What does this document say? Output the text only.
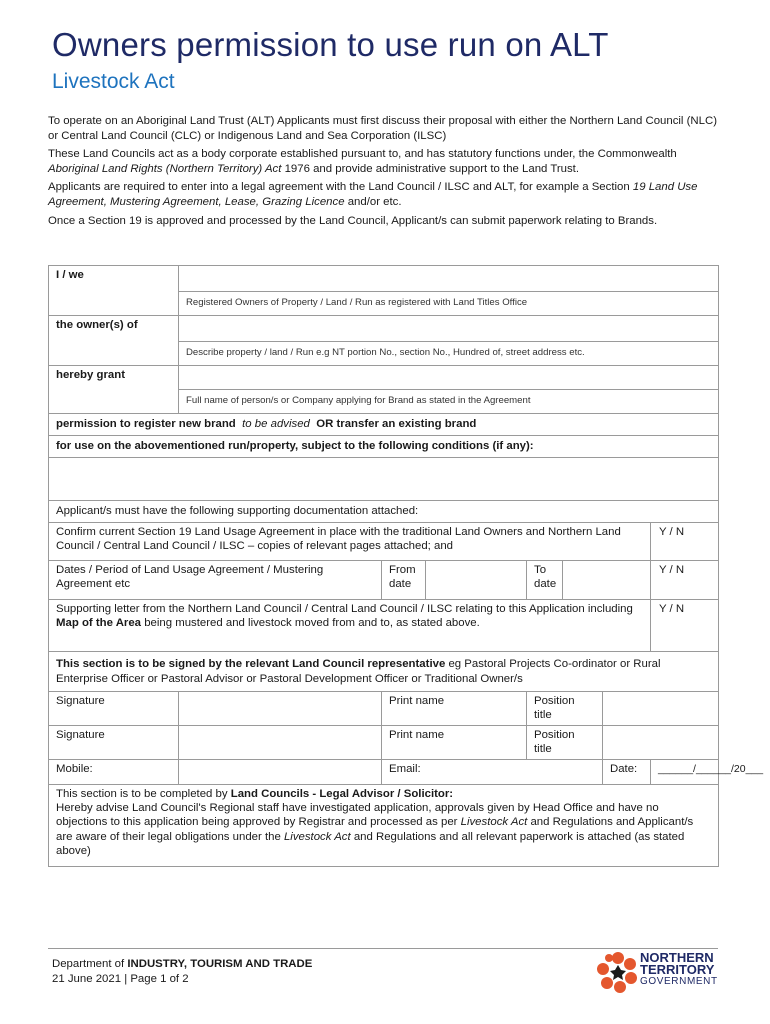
Owners permission to use run on ALT
Livestock Act

To operate on an Aboriginal Land Trust (ALT) Applicants must first discuss their proposal with either the Northern Land Council (NLC) or Central Land Council (CLC) or Indigenous Land and Sea Corporation (ILSC)

These Land Councils act as a body corporate established pursuant to, and has statutory functions under, the Commonwealth Aboriginal Land Rights (Northern Territory) Act 1976 and provide administrative support to the Land Trust.

Applicants are required to enter into a legal agreement with the Land Council / ILSC and ALT, for example a Section 19 Land Use Agreement, Mustering Agreement, Lease, Grazing Licence and/or etc.

Once a Section 19 is approved and processed by the Land Council, Applicant/s can submit paperwork relating to Brands.

I / we							
	Registered Owners of Property / Land / Run as registered with Land Titles Office						
the owner(s) of							
	Describe property / land / Run e.g NT portion No., section No., Hundred of, street address etc.						
hereby grant							
	Full name of person/s or Company applying for Brand as stated in the Agreement						
permission to register new brand to be advised OR transfer an existing brand							
for use on the abovementioned run/property, subject to the following conditions (if any):							

Applicant/s must have the following supporting documentation attached:							
Confirm current Section 19 Land Usage Agreement in place with the traditional Land Owners and Northern Land Council / Central Land Council / ILSC – copies of relevant pages attached; and							Y / N
Dates / Period of Land Usage Agreement / Mustering Agreement etc		From date		To date			Y / N
Supporting letter from the Northern Land Council / Central Land Council / ILSC relating to this Application including Map of the Area being mustered and livestock moved from and to, as stated above.							Y / N
This section is to be signed by the relevant Land Council representative eg Pastoral Projects Co-ordinator or Rural Enterprise Officer or Pastoral Advisor or Pastoral Development Officer or Traditional Owner/s							
Signature		Print name		Position title			
Signature		Print name		Position title			
Mobile:		Email:				Date:	______/______/20___
This section is to be completed by Land Councils - Legal Advisor / Solicitor:
Hereby advise Land Council's Regional staff have investigated application, approvals given by Head Office and have no objections to this application being approved by Registrar and processed as per Livestock Act and Regulations and Applicant/s are aware of their legal obligations under the Livestock Act and Regulations and all relevant paperwork is attached (as stated above)							
Department of INDUSTRY, TOURISM AND TRADE
21 June 2021 | Page 1 of 2
NORTHERN
TERRITORY
GOVERNMENT
